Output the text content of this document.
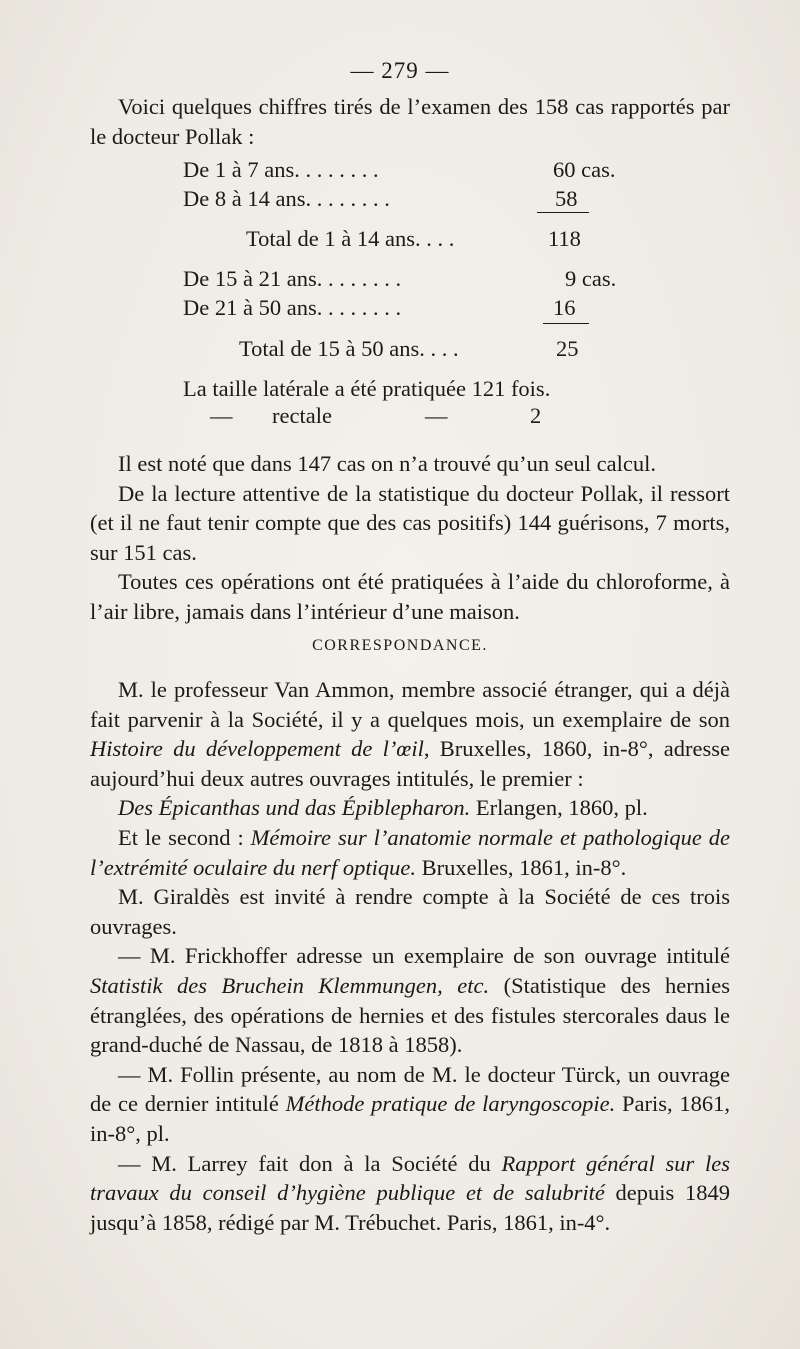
— 279 —

Voici quelques chiffres tirés de l’examen des 158 cas rapportés par le docteur Pollak :

De 1 à 7 ans. . . . . . . .	60 cas.
De 8 à 14 ans. . . . . . . .	58
Total de 1 à 14 ans. . . .	118
De 15 à 21 ans. . . . . . . .	9 cas.
De 21 à 50 ans. . . . . . . .	16
Total de 15 à 50 ans. . . .	25
La taille latérale a été pratiquée 121 fois.
— rectale	—	2

Il est noté que dans 147 cas on n’a trouvé qu’un seul calcul.

De la lecture attentive de la statistique du docteur Pollak, il ressort (et il ne faut tenir compte que des cas positifs) 144 guérisons, 7 morts, sur 151 cas.

Toutes ces opérations ont été pratiquées à l’aide du chloroforme, à l’air libre, jamais dans l’intérieur d’une maison.

CORRESPONDANCE.

M. le professeur Van Ammon, membre associé étranger, qui a déjà fait parvenir à la Société, il y a quelques mois, un exemplaire de son Histoire du développement de l’œil, Bruxelles, 1860, in-8°, adresse aujourd’hui deux autres ouvrages intitulés, le premier :

Des Épicanthas und das Épiblepharon. Erlangen, 1860, pl.

Et le second : Mémoire sur l’anatomie normale et pathologique de l’extrémité oculaire du nerf optique. Bruxelles, 1861, in-8°.

M. Giraldès est invité à rendre compte à la Société de ces trois ouvrages.

— M. Frickhoffer adresse un exemplaire de son ouvrage intitulé Statistik des Bruchein Klemmungen, etc. (Statistique des hernies étranglées, des opérations de hernies et des fistules stercorales daus le grand-duché de Nassau, de 1818 à 1858).

— M. Follin présente, au nom de M. le docteur Türck, un ouvrage de ce dernier intitulé Méthode pratique de laryngoscopie. Paris, 1861, in-8°, pl.

— M. Larrey fait don à la Société du Rapport général sur les travaux du conseil d’hygiène publique et de salubrité depuis 1849 jusqu’à 1858, rédigé par M. Trébuchet. Paris, 1861, in-4°.
